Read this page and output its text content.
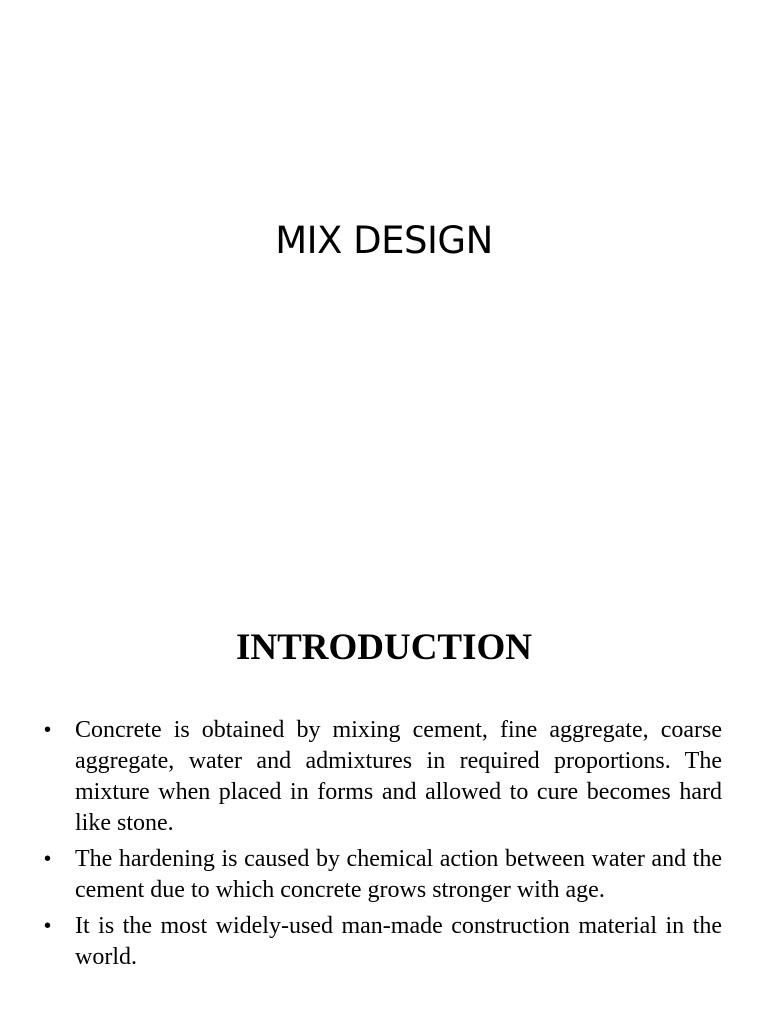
MIX DESIGN
INTRODUCTION
• Concrete is obtained by mixing cement, fine aggregate, coarse aggregate, water and admixtures in required proportions. The mixture when placed in forms and allowed to cure becomes hard like stone.
• The hardening is caused by chemical action between water and the cement due to which concrete grows stronger with age.
• It is the most widely-used man-made construction material in the world.
